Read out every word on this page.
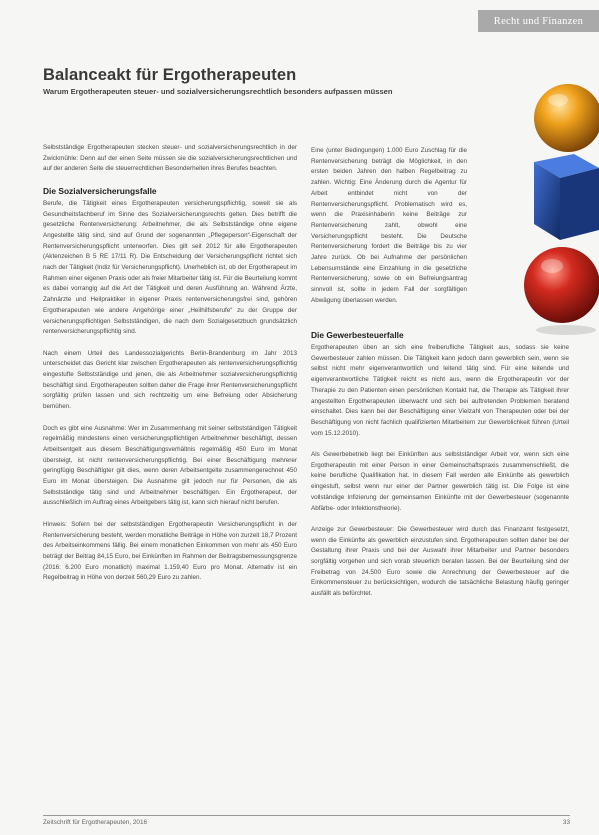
Recht und Finanzen
Balanceakt für Ergotherapeuten
Warum Ergotherapeuten steuer- und sozialversicherungsrechtlich besonders aufpassen müssen

Selbstständige Ergotherapeuten stecken steuer- und sozialversicherungsrechtlich in der Zwickmühle: Denn auf der einen Seite müssen sie die sozialversicherungsrechtlichen und auf der anderen Seite die steuerrechtlichen Besonderheiten ihres Berufes beachten.

Die Sozialversicherungsfalle

Berufe, die Tätigkeit eines Ergotherapeuten versicherungspflichtig, soweit sie als Gesundheitsfachberuf im Sinne des Sozialversicherungsrechts gelten. Dies betrifft die gesetzliche Rentenversicherung: Arbeitnehmer, die als Selbstständige ohne eigene Angestellte tätig sind, sind auf Grund der sogenannten „Pflegeperson“-Eigenschaft der Rentenversicherungspflicht unterworfen. Dies gilt seit 2012 für alle Ergotherapeuten (Aktenzeichen B 5 RE 17/11 R). Die Entscheidung der Versicherungspflicht richtet sich nach der Tätigkeit (Indiz für Versicherungspflicht). Unerheblich ist, ob der Ergotherapeut im Rahmen einer eigenen Praxis oder als freier Mitarbeiter tätig ist. Für die Beurteilung kommt es dabei vorrangig auf die Art der Tätigkeit und deren Ausführung an. Während Ärzte, Zahnärzte und Heilpraktiker in eigener Praxis rentenversicherungsfrei sind, gehören Ergotherapeuten wie andere Angehörige einer „Heilhilfsberufe“ zu der Gruppe der versicherungspflichtigen Selbstständigen, die nach dem Sozialgesetzbuch grundsätzlich rentenversicherungspflichtig sind.

Nach einem Urteil des Landessozialgerichts Berlin-Brandenburg im Jahr 2013 unterscheidet das Gericht klar zwischen Ergotherapeuten als rentenversicherungspflichtig eingestufte Selbstständige und jenen, die als Arbeitnehmer sozialversicherungspflichtig beschäftigt sind. Ergotherapeuten sollten daher die Frage ihrer Rentenversicherungspflicht sorgfältig prüfen lassen und sich rechtzeitig um eine Befreiung oder Absicherung bemühen.

Doch es gibt eine Ausnahme: Wer im Zusammenhang mit seiner selbstständigen Tätigkeit regelmäßig mindestens einen versicherungspflichtigen Arbeitnehmer beschäftigt, dessen Arbeitsentgelt aus diesem Beschäftigungsverhältnis regelmäßig 450 Euro im Monat übersteigt, ist nicht rentenversicherungspflichtig. Bei einer Beschäftigung mehrerer geringfügig Beschäftigter gilt dies, wenn deren Arbeitsentgelte zusammengerechnet 450 Euro im Monat übersteigen. Die Ausnahme gilt jedoch nur für Personen, die als Selbstständige tätig sind und Arbeitnehmer beschäftigen. Ein Ergotherapeut, der ausschließlich im Auftrag eines Arbeitgebers tätig ist, kann sich hierauf nicht berufen.

Hinweis: Sofern bei der selbstständigen Ergotherapeutin Versicherungspflicht in der Rentenversicherung besteht, werden monatliche Beiträge in Höhe von zurzeit 18,7 Prozent des Arbeitseinkommens fällig. Bei einem monatlichen Einkommen von mehr als 450 Euro beträgt der Beitrag 84,15 Euro, bei Einkünften im Rahmen der Beitragsbemessungsgrenze (2016: 6.200 Euro monatlich) maximal 1.159,40 Euro pro Monat. Alternativ ist ein Regelbeitrag in Höhe von derzeit 560,29 Euro zu zahlen.

Eine (unter Bedingungen) 1.000 Euro Zuschlag für die Rentenversicherung beträgt die Möglichkeit, in den ersten beiden Jahren den halben Regelbeitrag zu zahlen. Wichtig: Eine Änderung durch die Agentur für Arbeit entbindet nicht von der Rentenversicherungspflicht. Problematisch wird es, wenn die Praxisinhaberin keine Beiträge zur Rentenversicherung zahlt, obwohl eine Versicherungspflicht besteht. Die Deutsche Rentenversicherung fordert die Beiträge bis zu vier Jahre zurück. Ob bei Aufnahme der persönlichen Lebensumstände eine Einzahlung in die gesetzliche Rentenversicherung, sowie ob ein Befreiungsantrag sinnvoll ist, sollte in jedem Fall der sorgfältigen Abwägung überlassen werden.

Die Gewerbesteuerfalle

Ergotherapeuten üben an sich eine freiberufliche Tätigkeit aus, sodass sie keine Gewerbesteuer zahlen müssen. Die Tätigkeit kann jedoch dann gewerblich sein, wenn sie selbst nicht mehr eigenverantwortlich und leitend tätig sind. Für eine leitende und eigenverantwortliche Tätigkeit reicht es nicht aus, wenn die Ergotherapeutin vor der Therapie zu den Patienten einen persönlichen Kontakt hat, die Therapie als Tätigkeit ihrer angestellten Ergotherapeuten überwacht und sich bei auftretenden Problemen beratend einschaltet. Dies kann bei der Beschäftigung einer Vielzahl von Therapeuten oder bei der Beschäftigung von nicht fachlich qualifizierten Mitarbeitern zur Gewerblichkeit führen (Urteil vom 15.12.2010).

Als Gewerbebetrieb liegt bei Einkünften aus selbstständiger Arbeit vor, wenn sich eine Ergotherapeutin mit einer Person in einer Gemeinschaftspraxis zusammenschließt, die keine berufliche Qualifikation hat. In diesem Fall werden alle Einkünfte als gewerblich eingestuft, selbst wenn nur einer der Partner gewerblich tätig ist. Die Folge ist eine vollständige Infizierung der gemeinsamen Einkünfte mit der Gewerbesteuer (sogenannte Abfärbe- oder Infektionstheorie).

Anzeige zur Gewerbesteuer: Die Gewerbesteuer wird durch das Finanzamt festgesetzt, wenn die Einkünfte als gewerblich einzustufen sind. Ergotherapeuten sollten daher bei der Gestaltung ihrer Praxis und bei der Auswahl ihrer Mitarbeiter und Partner besonders sorgfältig vorgehen und sich vorab steuerlich beraten lassen. Bei der Beurteilung sind der Freibetrag von 24.500 Euro sowie die Anrechnung der Gewerbesteuer auf die Einkommensteuer zu berücksichtigen, wodurch die tatsächliche Belastung häufig geringer ausfällt als befürchtet.

Zeitschrift für Ergotherapeuten, 2016	33
